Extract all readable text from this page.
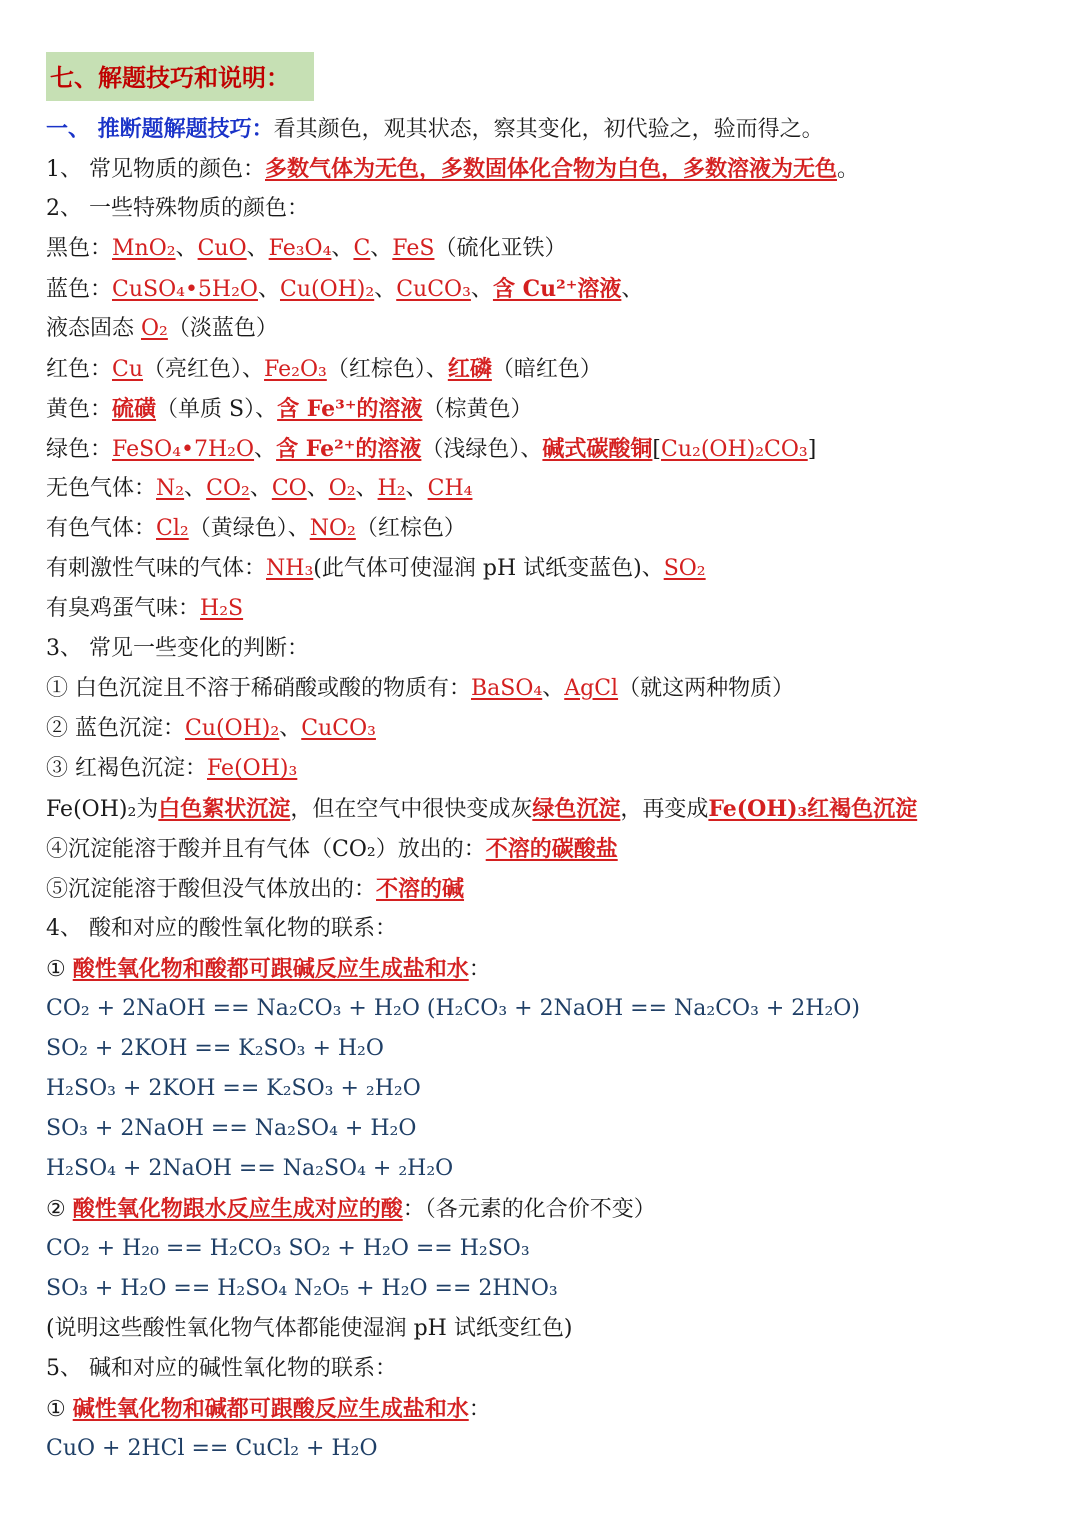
七、解题技巧和说明：
一、 推断题解题技巧：看其颜色，观其状态，察其变化，初代验之，验而得之。
1、 常见物质的颜色：多数气体为无色，多数固体化合物为白色，多数溶液为无色。
2、 一些特殊物质的颜色：
黑色：MnO₂、CuO、Fe₃O₄、C、FeS（硫化亚铁）
蓝色：CuSO₄•5H₂O、Cu(OH)₂、CuCO₃、含 Cu²⁺溶液、
液态固态 O₂（淡蓝色）
红色：Cu（亮红色）、Fe₂O₃（红棕色）、红磷（暗红色）
黄色：硫磺（单质 S）、含 Fe³⁺的溶液（棕黄色）
绿色：FeSO₄•7H₂O、含 Fe²⁺的溶液（浅绿色）、碱式碳酸铜[Cu₂(OH)₂CO₃]
无色气体：N₂、CO₂、CO、O₂、H₂、CH₄
有色气体：Cl₂（黄绿色）、NO₂（红棕色）
有刺激性气味的气体：NH₃(此气体可使湿润 pH 试纸变蓝色)、SO₂
有臭鸡蛋气味：H₂S
3、 常见一些变化的判断：
① 白色沉淀且不溶于稀硝酸或酸的物质有：BaSO₄、AgCl（就这两种物质）
② 蓝色沉淀：Cu(OH)₂、CuCO₃
③ 红褐色沉淀：Fe(OH)₃
Fe(OH)₂为白色絮状沉淀，但在空气中很快变成灰绿色沉淀，再变成Fe(OH)₃红褐色沉淀
④沉淀能溶于酸并且有气体（CO₂）放出的：不溶的碳酸盐
⑤沉淀能溶于酸但没气体放出的：不溶的碱
4、 酸和对应的酸性氧化物的联系：
① 酸性氧化物和酸都可跟碱反应生成盐和水：
CO₂ + 2NaOH == Na₂CO₃ + H₂O (H₂CO₃ + 2NaOH == Na₂CO₃ + 2H₂O)
SO₂ + 2KOH == K₂SO₃ + H₂O
H₂SO₃ + 2KOH == K₂SO₃ + ₂H₂O
SO₃ + 2NaOH == Na₂SO₄ + H₂O
H₂SO₄ + 2NaOH == Na₂SO₄ + ₂H₂O
② 酸性氧化物跟水反应生成对应的酸：（各元素的化合价不变）
CO₂ + H₂₀ == H₂CO₃ SO₂ + H₂O == H₂SO₃
SO₃ + H₂O == H₂SO₄ N₂O₅ + H₂O == 2HNO₃
(说明这些酸性氧化物气体都能使湿润 pH 试纸变红色)
5、 碱和对应的碱性氧化物的联系：
① 碱性氧化物和碱都可跟酸反应生成盐和水：
CuO + 2HCl == CuCl₂ + H₂O
